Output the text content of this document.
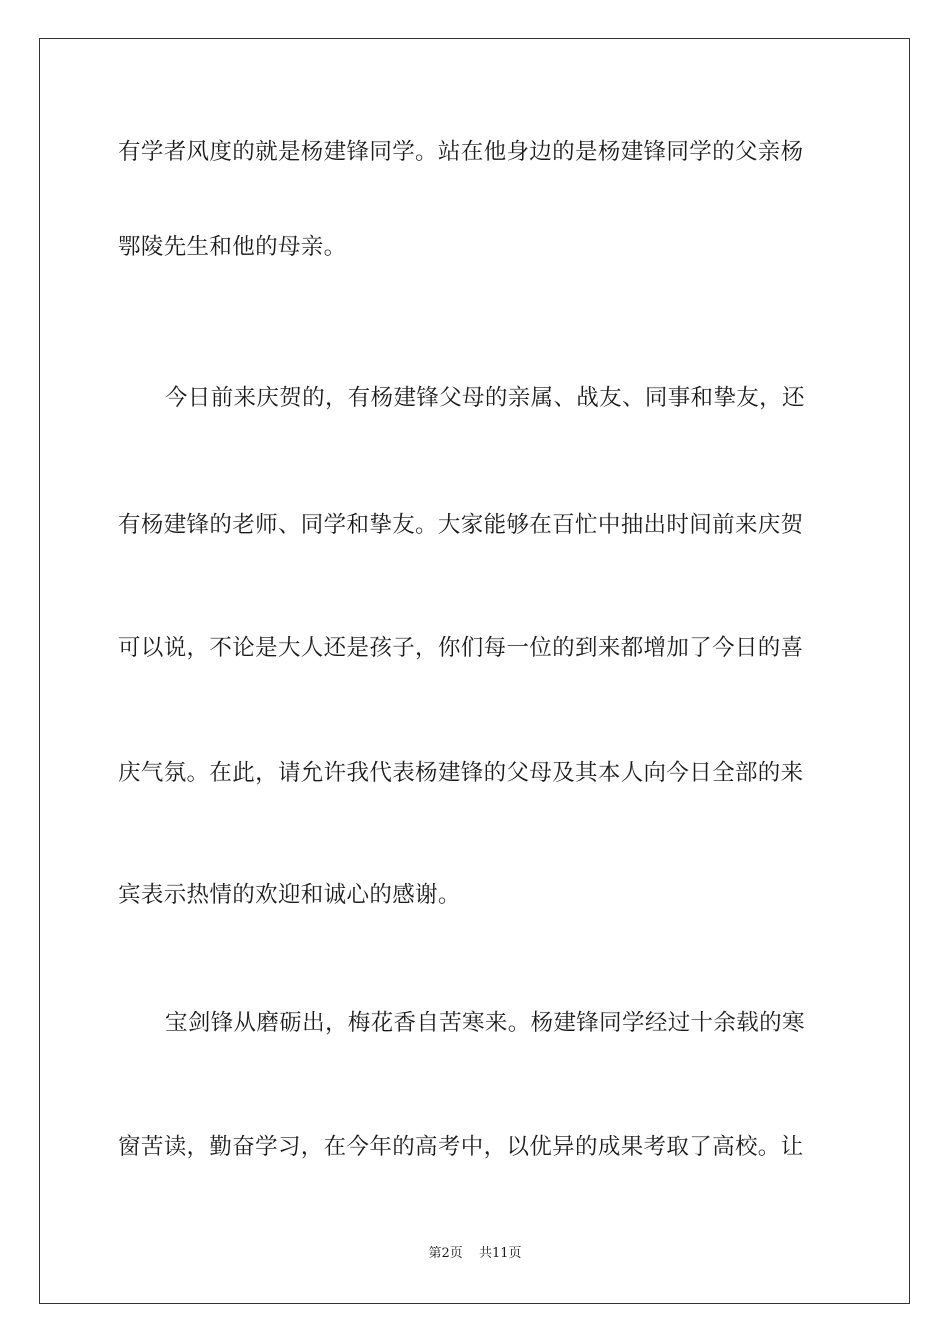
有学者风度的就是杨建锋同学。站在他身边的是杨建锋同学的父亲杨
鄂陵先生和他的母亲。
今日前来庆贺的，有杨建锋父母的亲属、战友、同事和挚友，还
有杨建锋的老师、同学和挚友。大家能够在百忙中抽出时间前来庆贺
可以说，不论是大人还是孩子，你们每一位的到来都增加了今日的喜
庆气氛。在此，请允许我代表杨建锋的父母及其本人向今日全部的来
宾表示热情的欢迎和诚心的感谢。
宝剑锋从磨砺出，梅花香自苦寒来。杨建锋同学经过十余载的寒
窗苦读，勤奋学习，在今年的高考中，以优异的成果考取了高校。让
第2页 共11页
